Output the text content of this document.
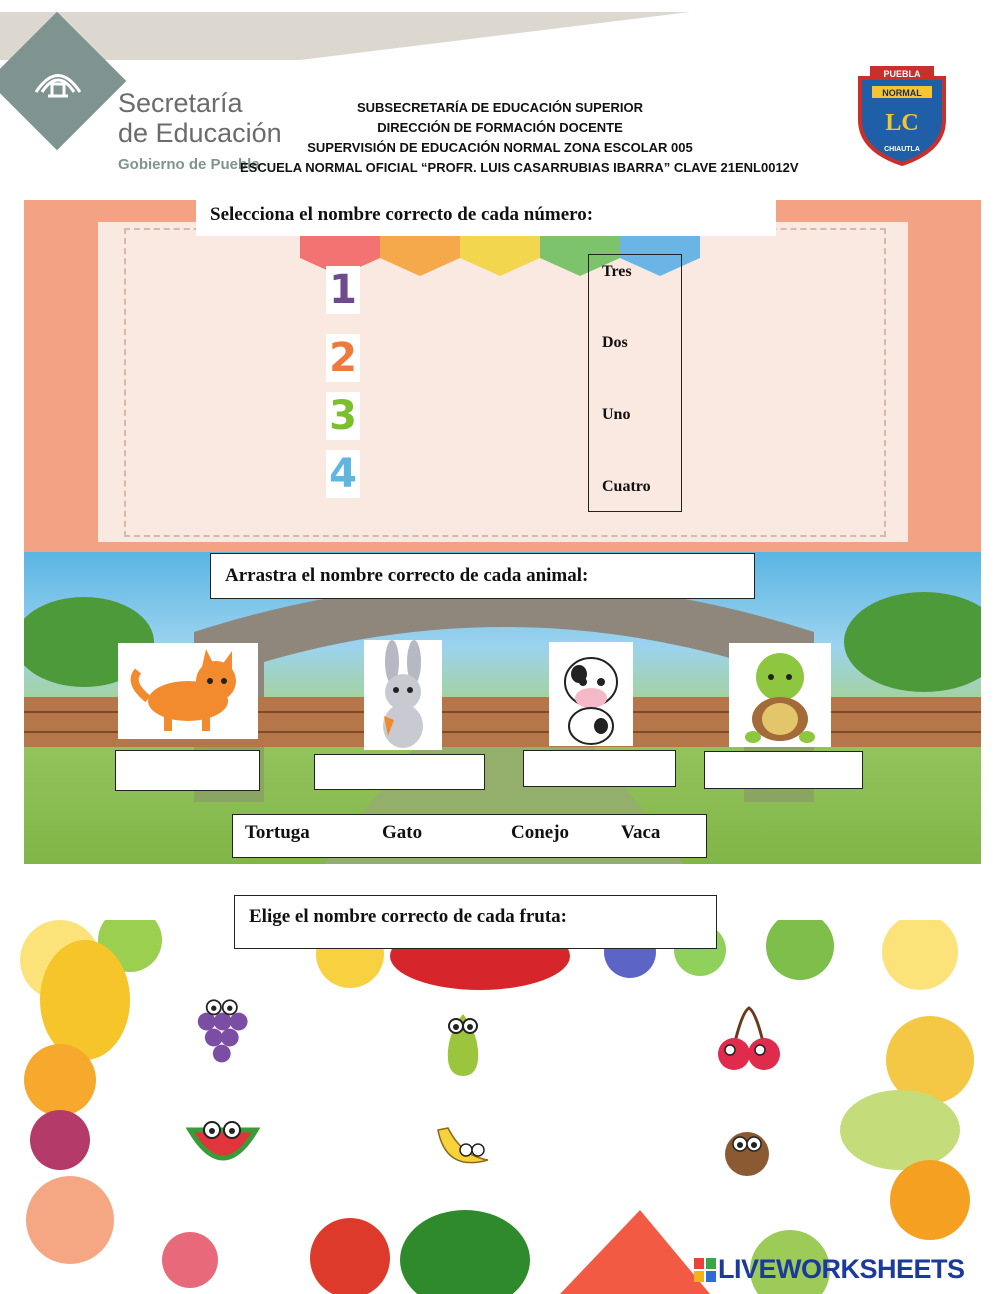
Secretaría
de Educación
Gobierno de Puebla
SUBSECRETARÍA DE EDUCACIÓN SUPERIOR
DIRECCIÓN DE FORMACIÓN DOCENTE
SUPERVISIÓN DE EDUCACIÓN NORMAL ZONA ESCOLAR 005
ESCUELA NORMAL OFICIAL “PROFR. LUIS CASARRUBIAS IBARRA” CLAVE 21ENL0012V
PUEBLA
NORMAL
LC
CHIAUTLA
Selecciona el nombre correcto de cada número:
1
2
3
4
Tres
Dos
Uno
Cuatro
Arrastra el nombre correcto de cada animal:
Tortuga	Gato	Conejo	Vaca
Elige el nombre correcto de cada fruta:
LIVEWORKSHEETS
